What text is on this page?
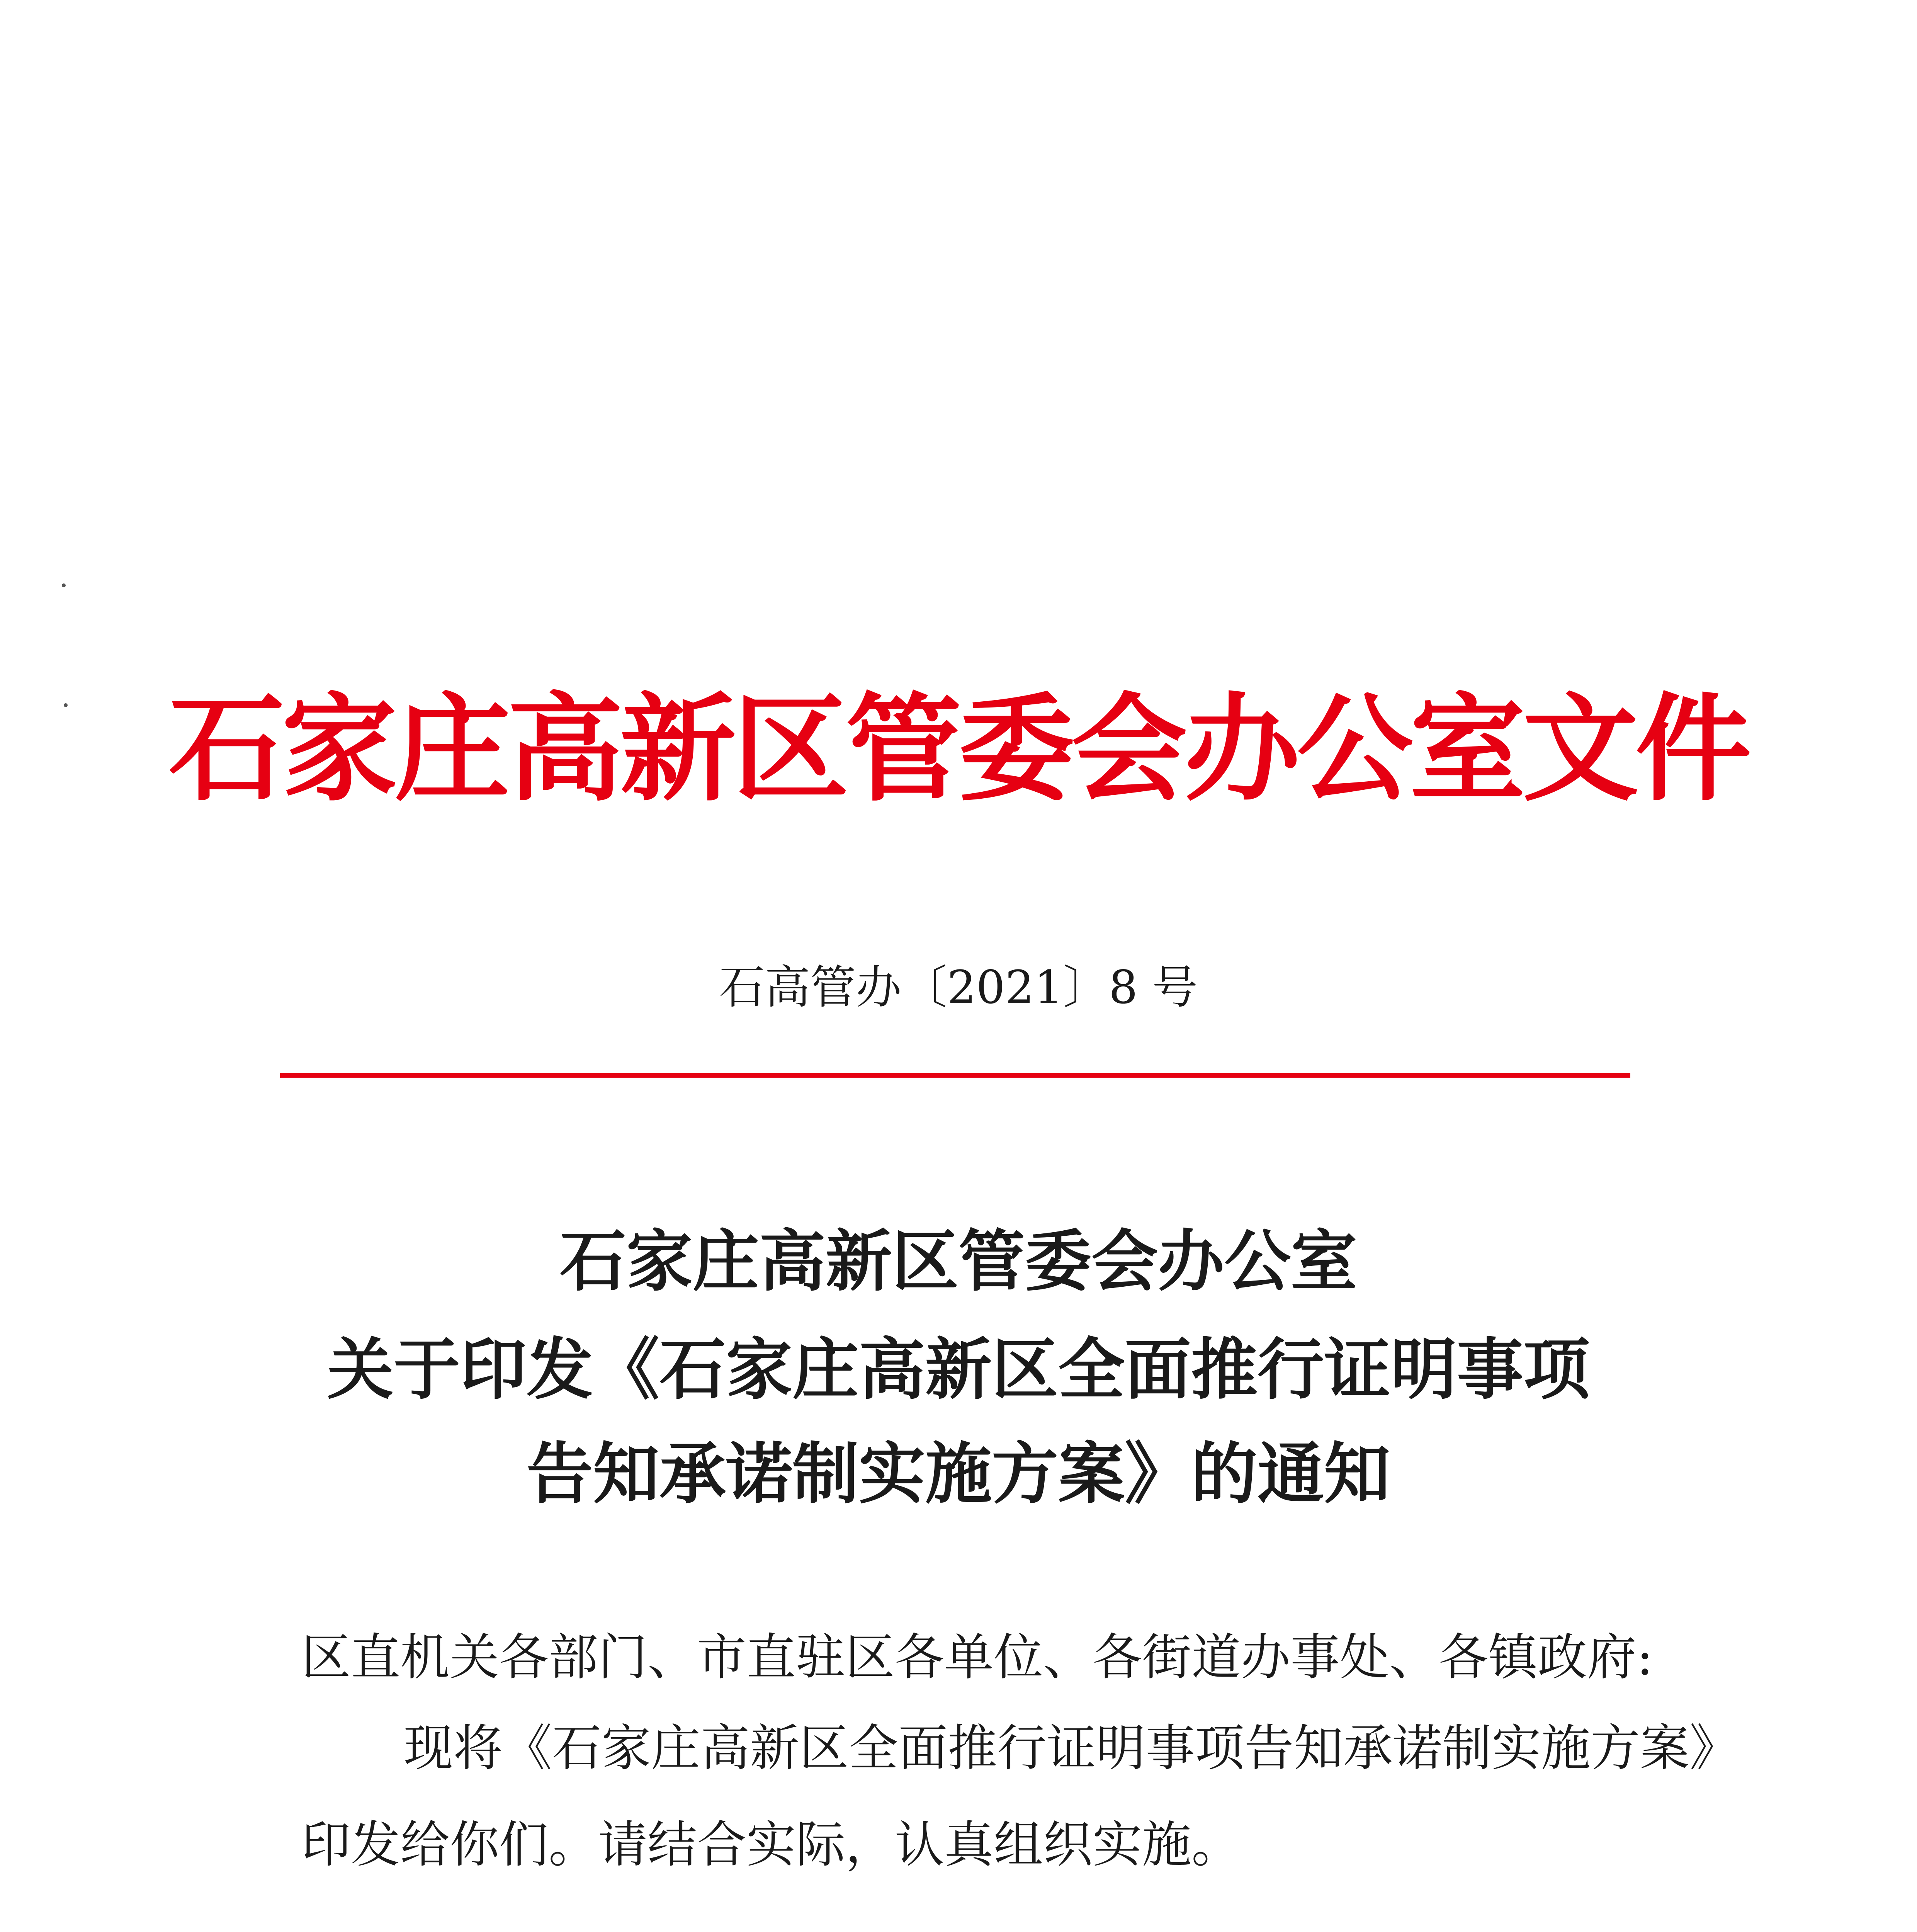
石家庄高新区管委会办公室文件
石高管办〔2021〕8 号
石家庄高新区管委会办公室
关于印发《石家庄高新区全面推行证明事项
告知承诺制实施方案》的通知
区直机关各部门、市直驻区各单位、各街道办事处、各镇政府:
现将《石家庄高新区全面推行证明事项告知承诺制实施方案》
印发给你们。请结合实际，认真组织实施。
